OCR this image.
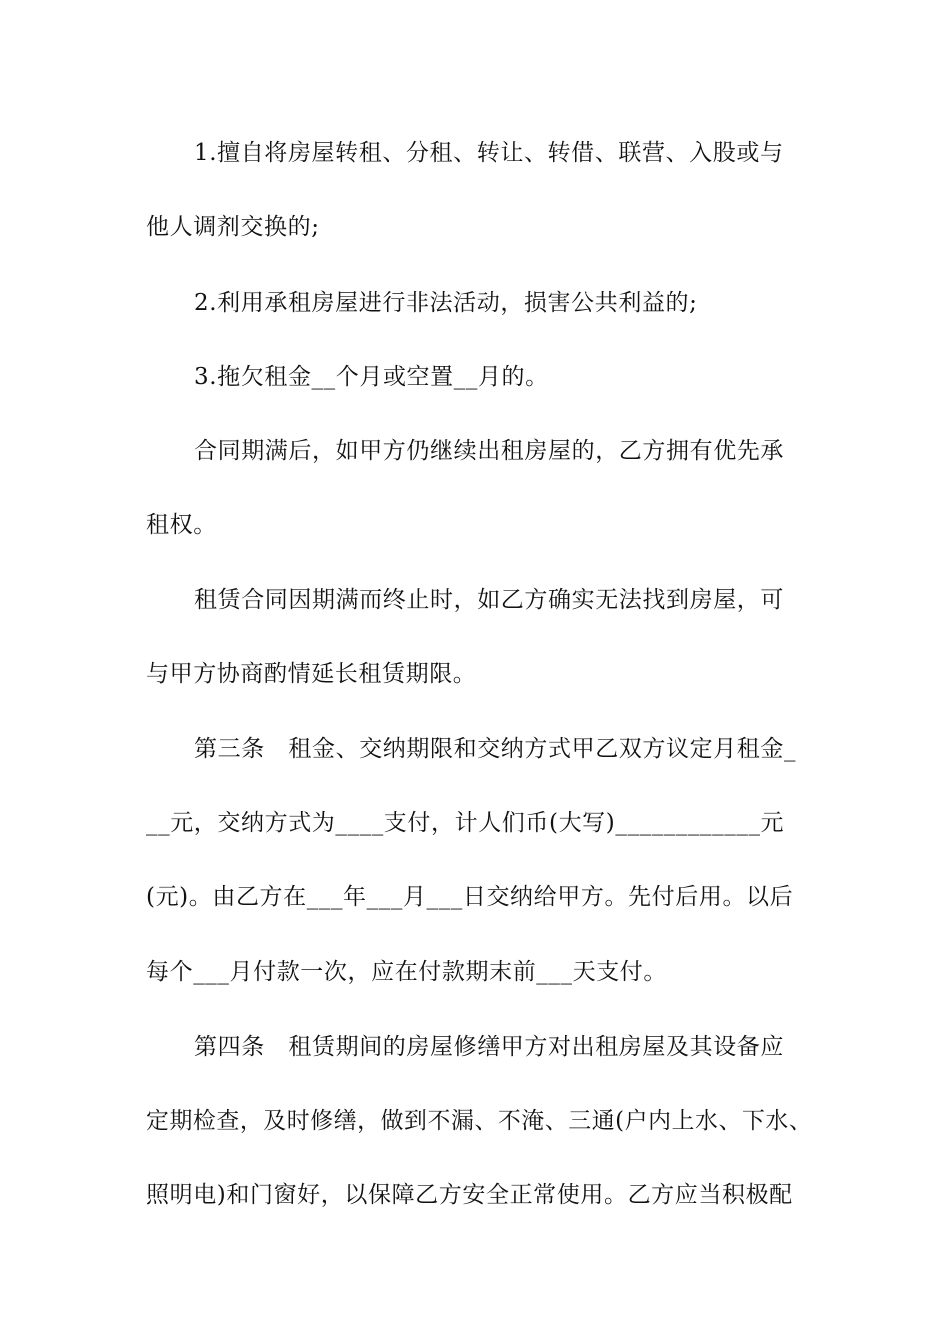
1.擅自将房屋转租、分租、转让、转借、联营、入股或与
他人调剂交换的;
2.利用承租房屋进行非法活动，损害公共利益的;
3.拖欠租金__个月或空置__月的。
合同期满后，如甲方仍继续出租房屋的，乙方拥有优先承
租权。
租赁合同因期满而终止时，如乙方确实无法找到房屋，可
与甲方协商酌情延长租赁期限。
第三条　租金、交纳期限和交纳方式甲乙双方议定月租金_
__元，交纳方式为____支付，计人们币(大写)____________元
(元)。由乙方在___年___月___日交纳给甲方。先付后用。以后
每个___月付款一次，应在付款期末前___天支付。
第四条　租赁期间的房屋修缮甲方对出租房屋及其设备应
定期检查，及时修缮，做到不漏、不淹、三通(户内上水、下水、
照明电)和门窗好，以保障乙方安全正常使用。乙方应当积极配
